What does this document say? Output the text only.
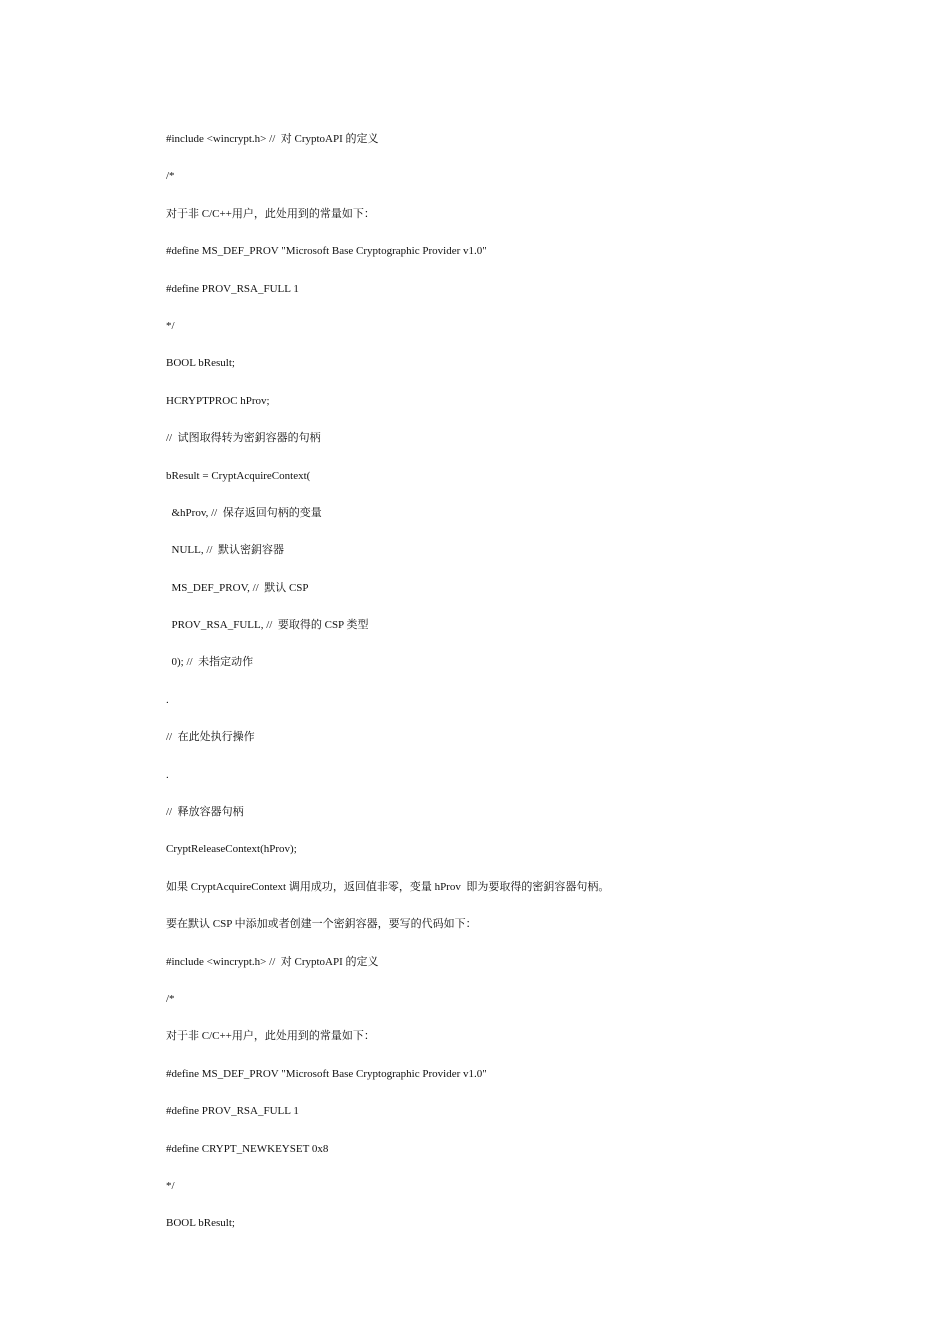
#include <wincrypt.h> //  对 CryptoAPI 的定义
/*
对于非 C/C++用户，此处用到的常量如下：
#define MS_DEF_PROV "Microsoft Base Cryptographic Provider v1.0"
#define PROV_RSA_FULL 1
*/
BOOL bResult;
HCRYPTPROC hProv;
//  试图取得转为密鈅容器的句柄
bResult = CryptAcquireContext(
&hProv, //  保存返回句柄的变量
NULL, //  默认密鈅容器
MS_DEF_PROV, //  默认 CSP
PROV_RSA_FULL, //  要取得的 CSP 类型
0); //  未指定动作
.
//  在此处执行操作
.
//  释放容器句柄
CryptReleaseContext(hProv);
如果 CryptAcquireContext 调用成功，返回值非零，变量 hProv  即为要取得的密鈅容器句柄。
要在默认 CSP 中添加或者创建一个密鈅容器，要写的代码如下：
#include <wincrypt.h> //  对 CryptoAPI 的定义
/*
对于非 C/C++用户，此处用到的常量如下：
#define MS_DEF_PROV "Microsoft Base Cryptographic Provider v1.0"
#define PROV_RSA_FULL 1
#define CRYPT_NEWKEYSET 0x8
*/
BOOL bResult;
